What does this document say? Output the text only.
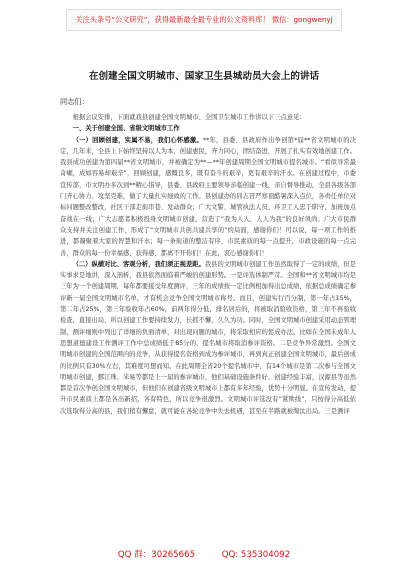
关注头条号“公文研究”，获得最新最全最专业的公文资料库！ 微信：gongwenyj
在创建全国文明城市、国家卫生县城动员大会上的讲话
同志们：

根据会议安排，下面就我县创建全国文明城市、全国卫生城市工作讲以下三点意见：

一、关于创建全国、省级文明城市工作

（一）回顾创建，实属不易，我们心怀感激。**年，县委、县政府作出争创第*届**省文明城市的决定，几年来，全县上下始终坚持以人为本，创建惠民，齐力同心，团结奋进，开展了扎实有效地创建工作。我县成功创建为第四届**省文明城市，并被确定为**—**年创建周期全国文明城市提名城市。“看似寻常最奇崛，成如容易却艰辛”，回顾创建，感慨良多，既有奋斗的艰辛，更有艰辛的汗水。在创建过程中，市委宣传部、市文明办多次到**精心指导，县委、县政府主要领导亲临创建一线，亲自督导推动，全县各级各部门齐心协力、攻坚克难，做了大量扎实细致的工作。县创建办的同志冒严寒顶酷暑深入点位，各责任单位对标问题整改整改，社区干部走街串巷、发动群众；广大文警、城管执法人员、环卫工人忠于职守，加班加点奋战在一线；广大志愿者积极投身文明城市创建，营造了“我为人人，人人为我”的良好风尚；广大市民群众支持并关注创建工作，形成了“文明城市共创共建共享的”的局面，感谢你们！可以说，每一项工作的推进，都凝聚着大家的智慧和汗水；每一条街道的整洁有序，市民素质的每一点提升，市政设施的每一点完善，群众的每一份幸福感、获得感，都离不开你们！在此，衷心感谢你们！

（二）纵横对比、客观分析，我们须正视差距。我县的文明城市创建工作虽然取得了一定的成绩，但是实事求是地讲，深入剖析，我县依然面临着严峻的创建形势。一是评选体制严苛。全国和**省文明城市均是三年为一个创建周期，每年都要接受年度测评，三年的成绩按一定比例相加得出总成绩，依据总成绩确定参评新一届全国文明城市名单，才有机会竞争全国文明城市称号。而且，创建实行百分制，第一年占15%，第二年占25%，第三年验收年占60%，前两年得分低，排名居后的，将被取消验收资格，第三年不再验收检查，直接出局，所以创建工作要持续发力，长抓不懈，久久为功。同时，全国文明城市创建采用动态管理制，测评细则中列出了详细的负面清单，对出现问题的城市，将采取相应的惩戒办法。比如在全国未成年人思想道德建设工作测评工作中总成绩低于85分的，提名城市将取消参评资格。二是竞争异常激烈。全国文明城市创建的全国范围内的竞争，从获得提名资格到成为参评城市，再到真正创建全国文明城市，最后创成的比例只有30%左右，其难度可想而知。在此周期全省20个提名城市中，有14个城市是第二次参与全国文明城市创建，鄞江珠、米易等都是上一届的参评城市，他们基础设施条件好、创建经验丰富，汉源县等虽然都是首次争创全国文明城市，但他们在创建省级文明城市上都有多年经验，优势十分明显。在宣传发动，提升市民素质上都是各出新招，各有特色，所以竞争很激烈。文明城市评选没有“紧欺线”，只按得分高低依次选取得分高的县，我们稍有懈怠，就可能在各轮竞争中失去机遇，甚至在半路就被淘汰出局。三是测评

QQ 群：30265665	QQ: 535304092
